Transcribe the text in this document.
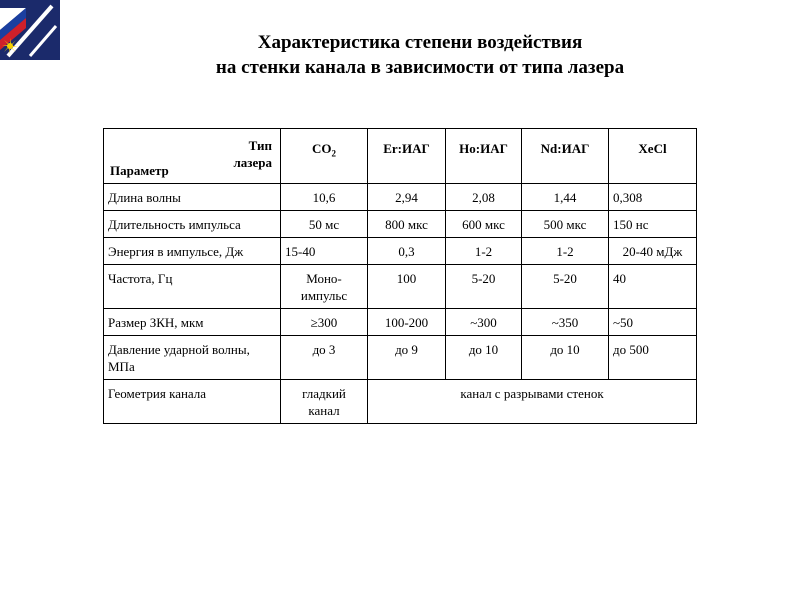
Характеристика степени воздействия
на стенки канала в зависимости от типа лазера
Тип
лазера
Параметр	$CO_2$	Er:ИАГ	Ho:ИАГ	Nd:ИАГ	XeCl
Длина волны	10,6	2,94	2,08	1,44	0,308
Длительность импульса	50 мс	800 мкс	600 мкс	500 мкс	150 нс
Энергия в импульсе, Дж	15-40	0,3	1-2	1-2	20-40 мДж
Частота, Гц	Моно-импульс	100	5-20	5-20	40
Размер ЗКН, мкм	≥300	100-200	~300	~350	~50
Давление ударной волны, МПа	до 3	до 9	до 10	до 10	до 500
Геометрия канала	гладкий канал	канал с разрывами стенок			
